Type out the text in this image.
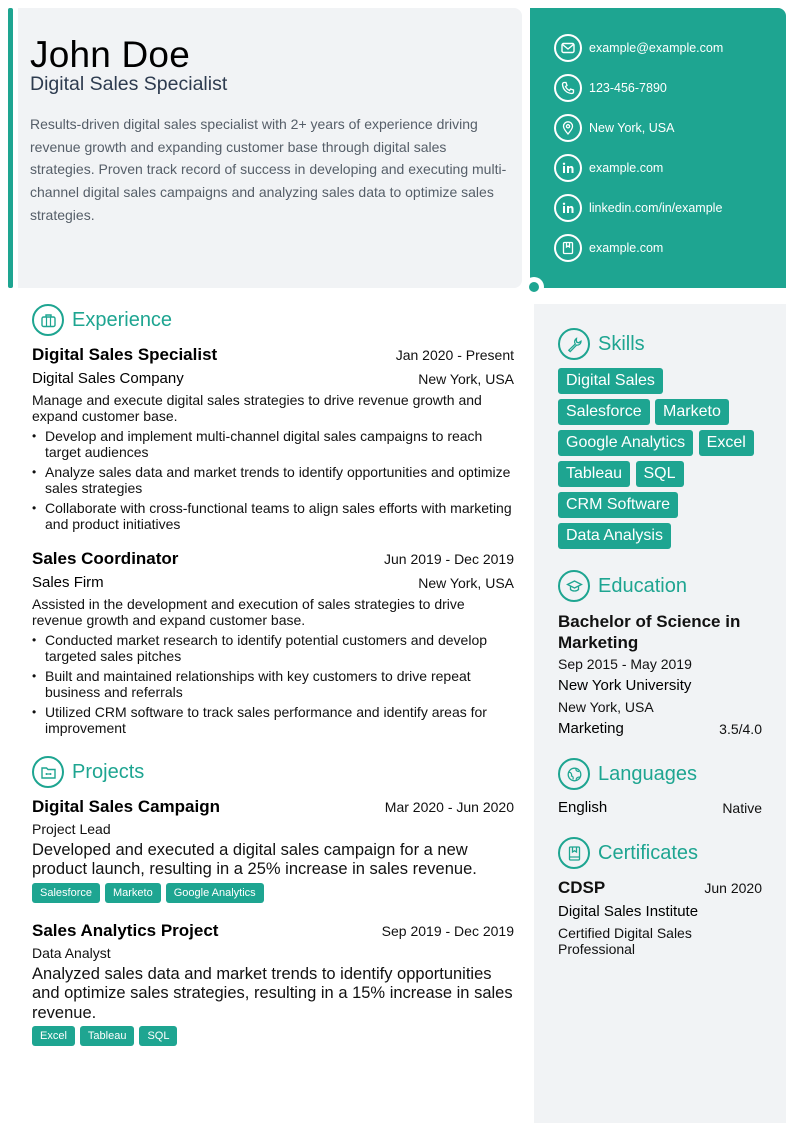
John Doe
Digital Sales Specialist
Results-driven digital sales specialist with 2+ years of experience driving revenue growth and expanding customer base through digital sales strategies. Proven track record of success in developing and executing multi-channel digital sales campaigns and analyzing sales data to optimize sales strategies.
example@example.com
123-456-7890
New York, USA
example.com
linkedin.com/in/example
example.com
Experience
Digital Sales Specialist	Jan 2020 - Present
Digital Sales Company	New York, USA
Manage and execute digital sales strategies to drive revenue growth and expand customer base.
• Develop and implement multi-channel digital sales campaigns to reach target audiences
• Analyze sales data and market trends to identify opportunities and optimize sales strategies
• Collaborate with cross-functional teams to align sales efforts with marketing and product initiatives
Sales Coordinator	Jun 2019 - Dec 2019
Sales Firm	New York, USA
Assisted in the development and execution of sales strategies to drive revenue growth and expand customer base.
• Conducted market research to identify potential customers and develop targeted sales pitches
• Built and maintained relationships with key customers to drive repeat business and referrals
• Utilized CRM software to track sales performance and identify areas for improvement
Projects
Digital Sales Campaign	Mar 2020 - Jun 2020
Project Lead
Developed and executed a digital sales campaign for a new product launch, resulting in a 25% increase in sales revenue.
Salesforce Marketo Google Analytics
Sales Analytics Project	Sep 2019 - Dec 2019
Data Analyst
Analyzed sales data and market trends to identify opportunities and optimize sales strategies, resulting in a 15% increase in sales revenue.
Excel Tableau SQL
Skills
Digital Sales
Salesforce Marketo
Google Analytics Excel
Tableau SQL
CRM Software
Data Analysis
Education
Bachelor of Science in Marketing
Sep 2015 - May 2019
New York University
New York, USA
Marketing	3.5/4.0
Languages
English	Native
Certificates
CDSP	Jun 2020
Digital Sales Institute
Certified Digital Sales Professional
